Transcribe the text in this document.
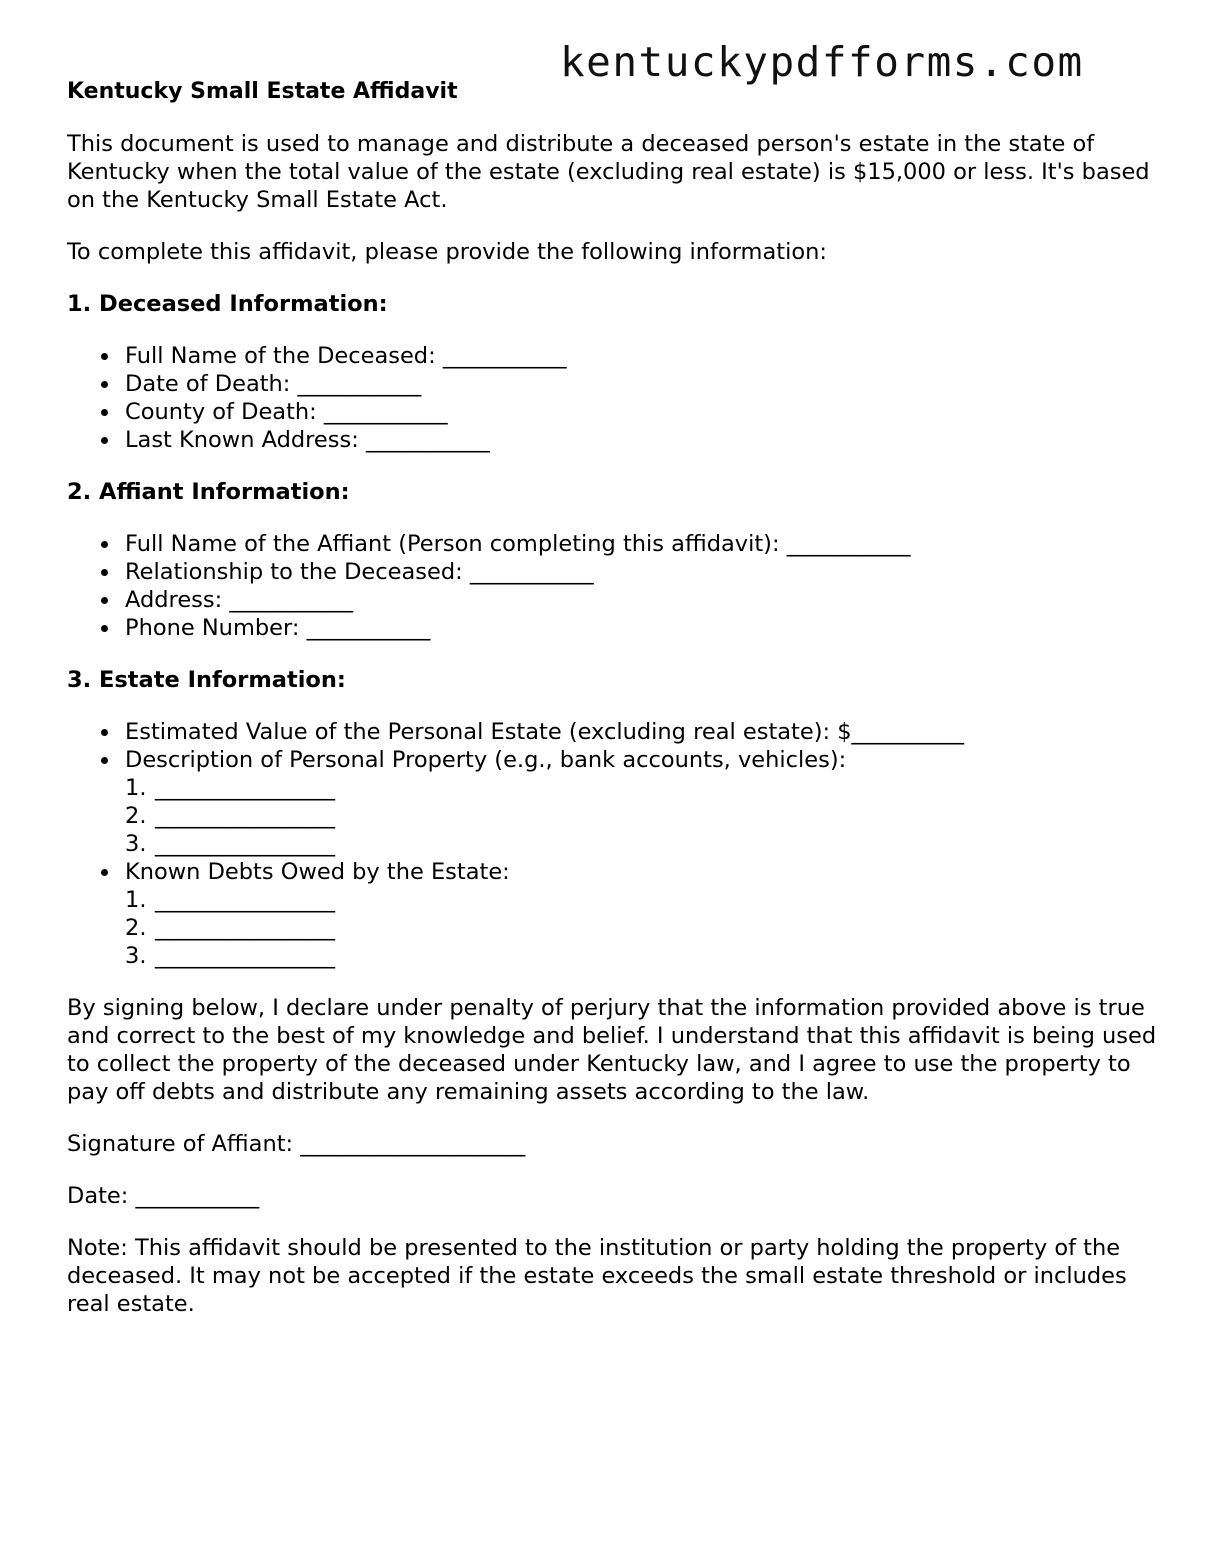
kentuckypdfforms.com
Kentucky Small Estate Affidavit

This document is used to manage and distribute a deceased person's estate in the state of Kentucky when the total value of the estate (excluding real estate) is $15,000 or less. It's based on the Kentucky Small Estate Act.

To complete this affidavit, please provide the following information:

1. Deceased Information:
Full Name of the Deceased: ___________
Date of Death: ___________
County of Death: ___________
Last Known Address: ___________
2. Affiant Information:
Full Name of the Affiant (Person completing this affidavit): ___________
Relationship to the Deceased: ___________
Address: ___________
Phone Number: ___________
3. Estate Information:
Estimated Value of the Personal Estate (excluding real estate): $__________
Description of Personal Property (e.g., bank accounts, vehicles):
1. ________________
2. ________________
3. ________________
Known Debts Owed by the Estate:
1. ________________
2. ________________
3. ________________

By signing below, I declare under penalty of perjury that the information provided above is true and correct to the best of my knowledge and belief. I understand that this affidavit is being used to collect the property of the deceased under Kentucky law, and I agree to use the property to pay off debts and distribute any remaining assets according to the law.

Signature of Affiant: ____________________

Date: ___________

Note: This affidavit should be presented to the institution or party holding the property of the deceased. It may not be accepted if the estate exceeds the small estate threshold or includes real estate.
